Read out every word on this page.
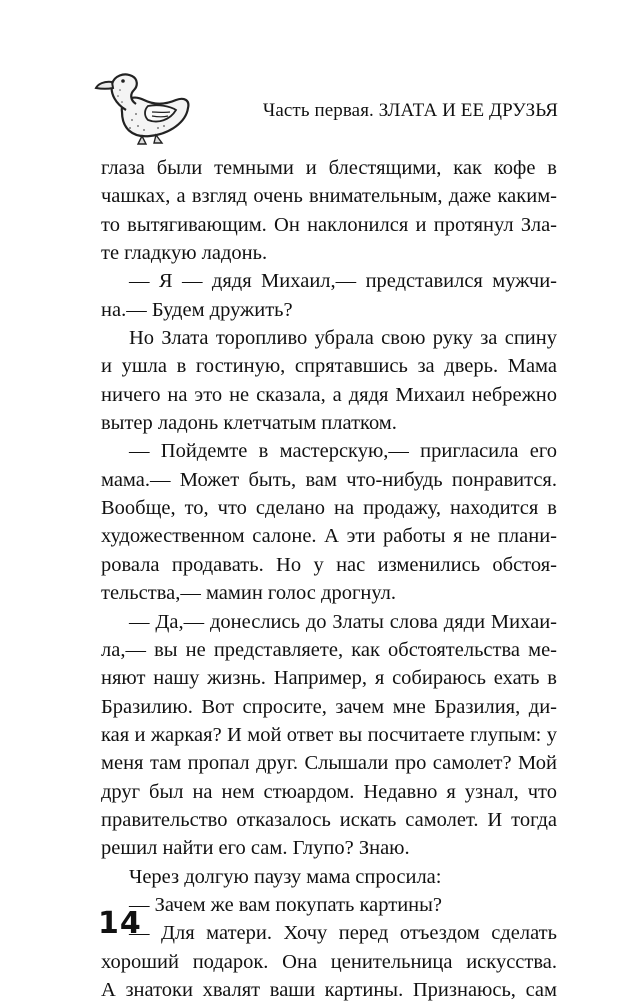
Часть первая. ЗЛАТА И ЕЕ ДРУЗЬЯ
глаза были темными и блестящими, как кофе в
чашках, а взгляд очень внимательным, даже каким-
то вытягивающим. Он наклонился и протянул Зла-
те гладкую ладонь.
— Я — дядя Михаил,— представился мужчи-
на.— Будем дружить?
Но Злата торопливо убрала свою руку за спину
и ушла в гостиную, спрятавшись за дверь. Мама
ничего на это не сказала, а дядя Михаил небрежно
вытер ладонь клетчатым платком.
— Пойдемте в мастерскую,— пригласила его
мама.— Может быть, вам что-нибудь понравится.
Вообще, то, что сделано на продажу, находится в
художественном салоне. А эти работы я не плани-
ровала продавать. Но у нас изменились обстоя-
тельства,— мамин голос дрогнул.
— Да,— донеслись до Златы слова дяди Михаи-
ла,— вы не представляете, как обстоятельства ме-
няют нашу жизнь. Например, я собираюсь ехать в
Бразилию. Вот спросите, зачем мне Бразилия, ди-
кая и жаркая? И мой ответ вы посчитаете глупым: у
меня там пропал друг. Слышали про самолет? Мой
друг был на нем стюардом. Недавно я узнал, что
правительство отказалось искать самолет. И тогда
решил найти его сам. Глупо? Знаю.
Через долгую паузу мама спросила:
— Зачем же вам покупать картины?
— Для матери. Хочу перед отъездом сделать
хороший подарок. Она ценительница искусства.
А знатоки хвалят ваши картины. Признаюсь, сам
14
